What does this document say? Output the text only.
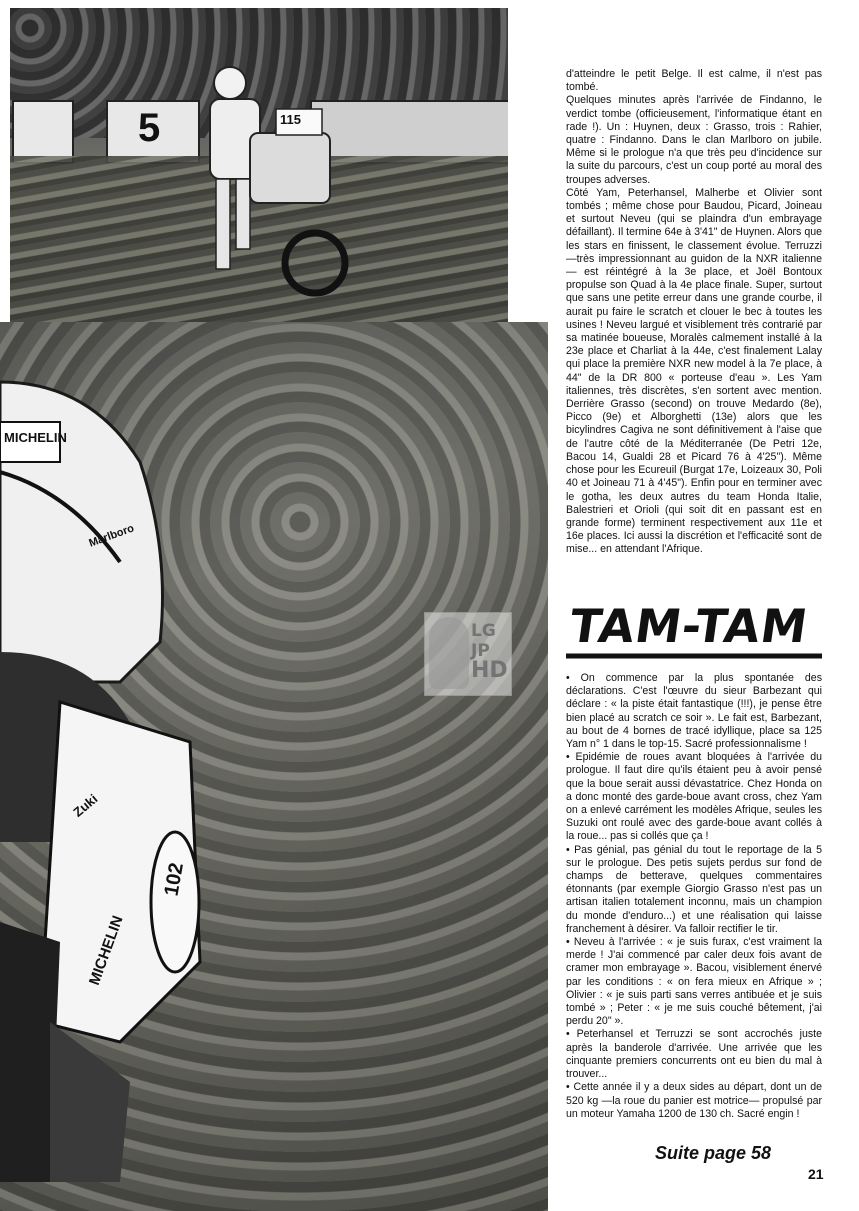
5	115
MICHELIN
Marlboro
Zuki
102
MICHELIN
LG
JP
HD

d'atteindre le petit Belge. Il est calme, il n'est pas tombé.

Quelques minutes après l'arrivée de Findanno, le verdict tombe (officieusement, l'informatique étant en rade !). Un : Huynen, deux : Grasso, trois : Rahier, quatre : Findanno. Dans le clan Marlboro on jubile. Même si le prologue n'a que très peu d'incidence sur la suite du parcours, c'est un coup porté au moral des troupes adverses.

Côté Yam, Peterhansel, Malherbe et Olivier sont tombés ; même chose pour Baudou, Picard, Joineau et surtout Neveu (qui se plaindra d'un embrayage défaillant). Il termine 64e à 3'41" de Huynen. Alors que les stars en finissent, le classement évolue. Terruzzi —très impressionnant au guidon de la NXR italienne— est réintégré à la 3e place, et Joël Bontoux propulse son Quad à la 4e place finale. Super, surtout que sans une petite erreur dans une grande courbe, il aurait pu faire le scratch et clouer le bec à toutes les usines ! Neveu largué et visiblement très contrarié par sa matinée boueuse, Moralès calmement installé à la 23e place et Charliat à la 44e, c'est finalement Lalay qui place la première NXR new model à la 7e place, à 44" de la DR 800 « porteuse d'eau ». Les Yam italiennes, très discrètes, s'en sortent avec mention. Derrière Grasso (second) on trouve Medardo (8e), Picco (9e) et Alborghetti (13e) alors que les bicylindres Cagiva ne sont définitivement à l'aise que de l'autre côté de la Méditerranée (De Petri 12e, Bacou 14, Gualdi 28 et Picard 76 à 4'25"). Même chose pour les Ecureuil (Burgat 17e, Loizeaux 30, Poli 40 et Joineau 71 à 4'45"). Enfin pour en terminer avec le gotha, les deux autres du team Honda Italie, Balestrieri et Orioli (qui soit dit en passant est en grande forme) terminent respectivement aux 11e et 16e places. Ici aussi la discrétion et l'efficacité sont de mise... en attendant l'Afrique.

TAM-TAM

• On commence par la plus spontanée des déclarations. C'est l'œuvre du sieur Barbezant qui déclare : « la piste était fantastique (!!!), je pense être bien placé au scratch ce soir ». Le fait est, Barbezant, au bout de 4 bornes de tracé idyllique, place sa 125 Yam n° 1 dans le top-15. Sacré professionnalisme !

• Epidémie de roues avant bloquées à l'arrivée du prologue. Il faut dire qu'ils étaient peu à avoir pensé que la boue serait aussi dévastatrice. Chez Honda on a donc monté des garde-boue avant cross, chez Yam on a enlevé carrément les modèles Afrique, seules les Suzuki ont roulé avec des garde-boue avant collés à la roue... pas si collés que ça !

• Pas génial, pas génial du tout le reportage de la 5 sur le prologue. Des petis sujets perdus sur fond de champs de betterave, quelques commentaires étonnants (par exemple Giorgio Grasso n'est pas un artisan italien totalement inconnu, mais un champion du monde d'enduro...) et une réalisation qui laisse franchement à désirer. Va falloir rectifier le tir.

• Neveu à l'arrivée : « je suis furax, c'est vraiment la merde ! J'ai commencé par caler deux fois avant de cramer mon embrayage ». Bacou, visiblement énervé par les conditions : « on fera mieux en Afrique » ; Olivier : « je suis parti sans verres antibuée et je suis tombé » ; Peter : « je me suis couché bêtement, j'ai perdu 20" ».

• Peterhansel et Terruzzi se sont accrochés juste après la banderole d'arrivée. Une arrivée que les cinquante premiers concurrents ont eu bien du mal à trouver...

• Cette année il y a deux sides au départ, dont un de 520 kg —la roue du panier est motrice— propulsé par un moteur Yamaha 1200 de 130 ch. Sacré engin !

Suite page 58
21
